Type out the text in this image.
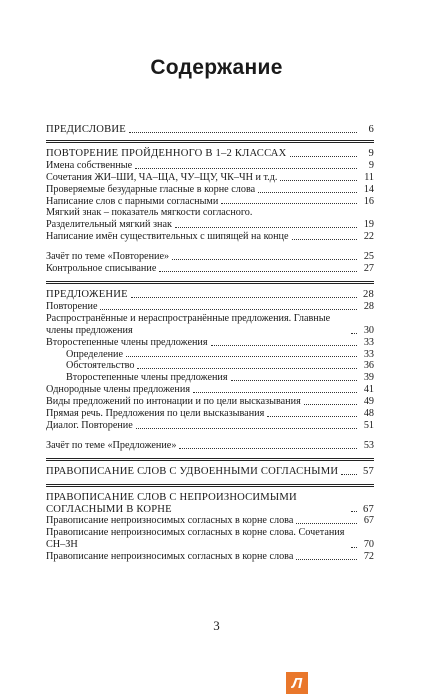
Содержание
ПРЕДИСЛОВИЕ	6
ПОВТОРЕНИЕ ПРОЙДЕННОГО В 1–2 КЛАССАХ	9
Имена собственные	9
Сочетания ЖИ–ШИ, ЧА–ЩА, ЧУ–ЩУ, ЧК–ЧН и т.д.	11
Проверяемые безударные гласные в корне слова	14
Написание слов с парными согласными	16
Мягкий знак – показатель мягкости согласного.
Разделительный мягкий знак	19
Написание имён существительных с шипящей на конце	22
Зачёт по теме «Повторение»	25
Контрольное списывание	27
ПРЕДЛОЖЕНИЕ	28
Повторение	28
Распространённые и нераспространённые предложения. Главные члены предложения	30
Второстепенные члены предложения	33
Определение	33
Обстоятельство	36
Второстепенные члены предложения	39
Однородные члены предложения	41
Виды предложений по интонации и по цели высказывания	49
Прямая речь. Предложения по цели высказывания	48
Диалог. Повторение	51
Зачёт по теме «Предложение»	53
ПРАВОПИСАНИЕ СЛОВ С УДВОЕННЫМИ СОГЛАСНЫМИ 57
ПРАВОПИСАНИЕ СЛОВ С НЕПРОИЗНОСИМЫМИ СОГЛАСНЫМИ В КОРНЕ	67
Правописание непроизносимых согласных в корне слова	67
Правописание непроизносимых согласных в корне слова. Сочетания СН–ЗН	70
Правописание непроизносимых согласных в корне слова	72
3
Л
